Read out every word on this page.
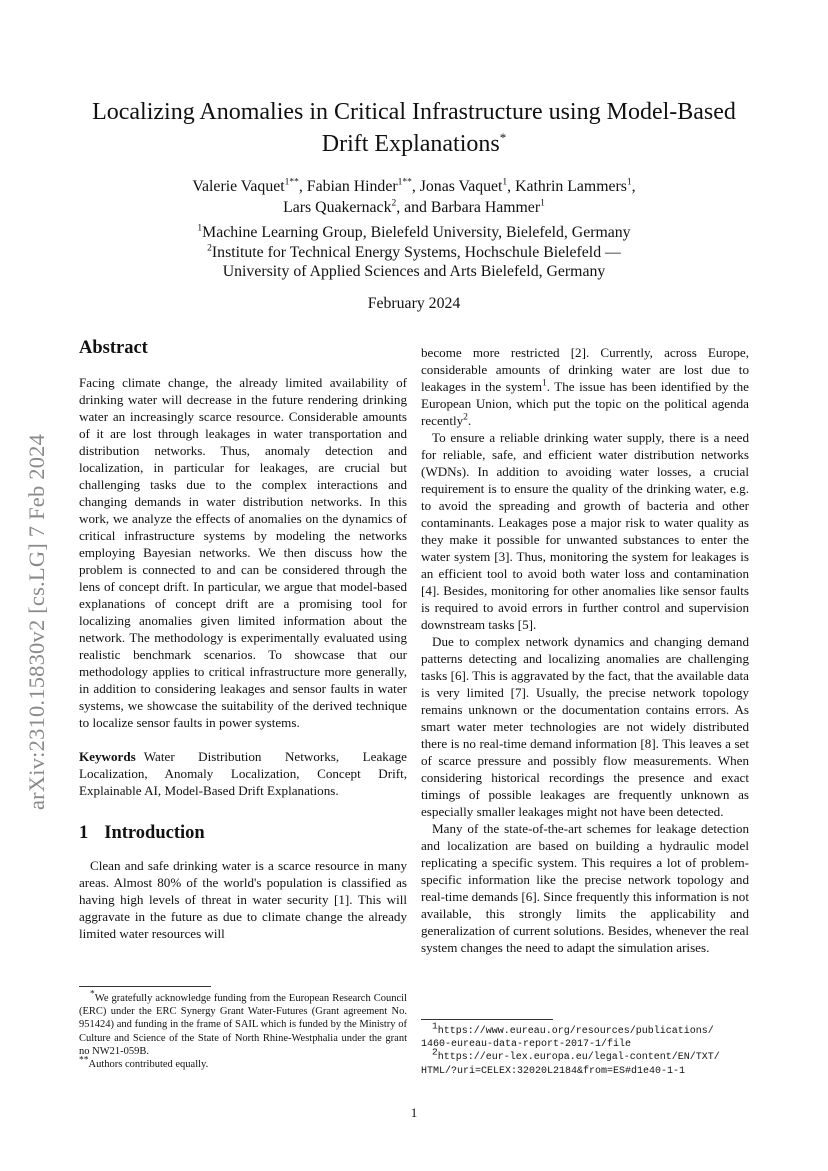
arXiv:2310.15830v2 [cs.LG] 7 Feb 2024
Localizing Anomalies in Critical Infrastructure using Model-Based
Drift Explanations*
Valerie Vaquet$^{1**}$, Fabian Hinder$^{1**}$, Jonas Vaquet$^1$, Kathrin Lammers$^1$,
Lars Quakernack$^2$, and Barbara Hammer$^1$
$^1$Machine Learning Group, Bielefeld University, Bielefeld, Germany
$^2$Institute for Technical Energy Systems, Hochschule Bielefeld —
University of Applied Sciences and Arts Bielefeld, Germany
February 2024
Abstract

Facing climate change, the already limited availability of drinking water will decrease in the future rendering drinking water an increasingly scarce resource. Considerable amounts of it are lost through leakages in water transportation and distribution networks. Thus, anomaly detection and localization, in particular for leakages, are crucial but challenging tasks due to the complex interactions and changing demands in water distribution networks. In this work, we analyze the effects of anomalies on the dynamics of critical infrastructure systems by modeling the networks employing Bayesian networks. We then discuss how the problem is connected to and can be considered through the lens of concept drift. In particular, we argue that model-based explanations of concept drift are a promising tool for localizing anomalies given limited information about the network. The methodology is experimentally evaluated using realistic benchmark scenarios. To showcase that our methodology applies to critical infrastructure more generally, in addition to considering leakages and sensor faults in water systems, we showcase the suitability of the derived technique to localize sensor faults in power systems.

Keywords Water Distribution Networks, Leakage Localization, Anomaly Localization, Concept Drift, Explainable AI, Model-Based Drift Explanations.

1 Introduction

Clean and safe drinking water is a scarce resource in many areas. Almost 80% of the world's population is classified as having high levels of threat in water security [1]. This will aggravate in the future as due to climate change the already limited water resources will

become more restricted [2]. Currently, across Europe, considerable amounts of drinking water are lost due to leakages in the system$^1$. The issue has been identified by the European Union, which put the topic on the political agenda recently$^2$.

To ensure a reliable drinking water supply, there is a need for reliable, safe, and efficient water distribution networks (WDNs). In addition to avoiding water losses, a crucial requirement is to ensure the quality of the drinking water, e.g. to avoid the spreading and growth of bacteria and other contaminants. Leakages pose a major risk to water quality as they make it possible for unwanted substances to enter the water system [3]. Thus, monitoring the system for leakages is an efficient tool to avoid both water loss and contamination [4]. Besides, monitoring for other anomalies like sensor faults is required to avoid errors in further control and supervision downstream tasks [5].

Due to complex network dynamics and changing demand patterns detecting and localizing anomalies are challenging tasks [6]. This is aggravated by the fact, that the available data is very limited [7]. Usually, the precise network topology remains unknown or the documentation contains errors. As smart water meter technologies are not widely distributed there is no real-time demand information [8]. This leaves a set of scarce pressure and possibly flow measurements. When considering historical recordings the presence and exact timings of possible leakages are frequently unknown as especially smaller leakages might not have been detected.

Many of the state-of-the-art schemes for leakage detection and localization are based on building a hydraulic model replicating a specific system. This requires a lot of problem-specific information like the precise network topology and real-time demands [6]. Since frequently this information is not available, this strongly limits the applicability and generalization of current solutions. Besides, whenever the real system changes the need to adapt the simulation arises.

*We gratefully acknowledge funding from the European Research Council (ERC) under the ERC Synergy Grant Water-Futures (Grant agreement No. 951424) and funding in the frame of SAIL which is funded by the Ministry of Culture and Science of the State of North Rhine-Westphalia under the grant no NW21-059B.

**Authors contributed equally.

$^1$https://www.eureau.org/resources/publications/
1460-eureau-data-report-2017-1/file

$^2$https://eur-lex.europa.eu/legal-content/EN/TXT/
HTML/?uri=CELEX:32020L2184&from=ES#d1e40-1-1

1
